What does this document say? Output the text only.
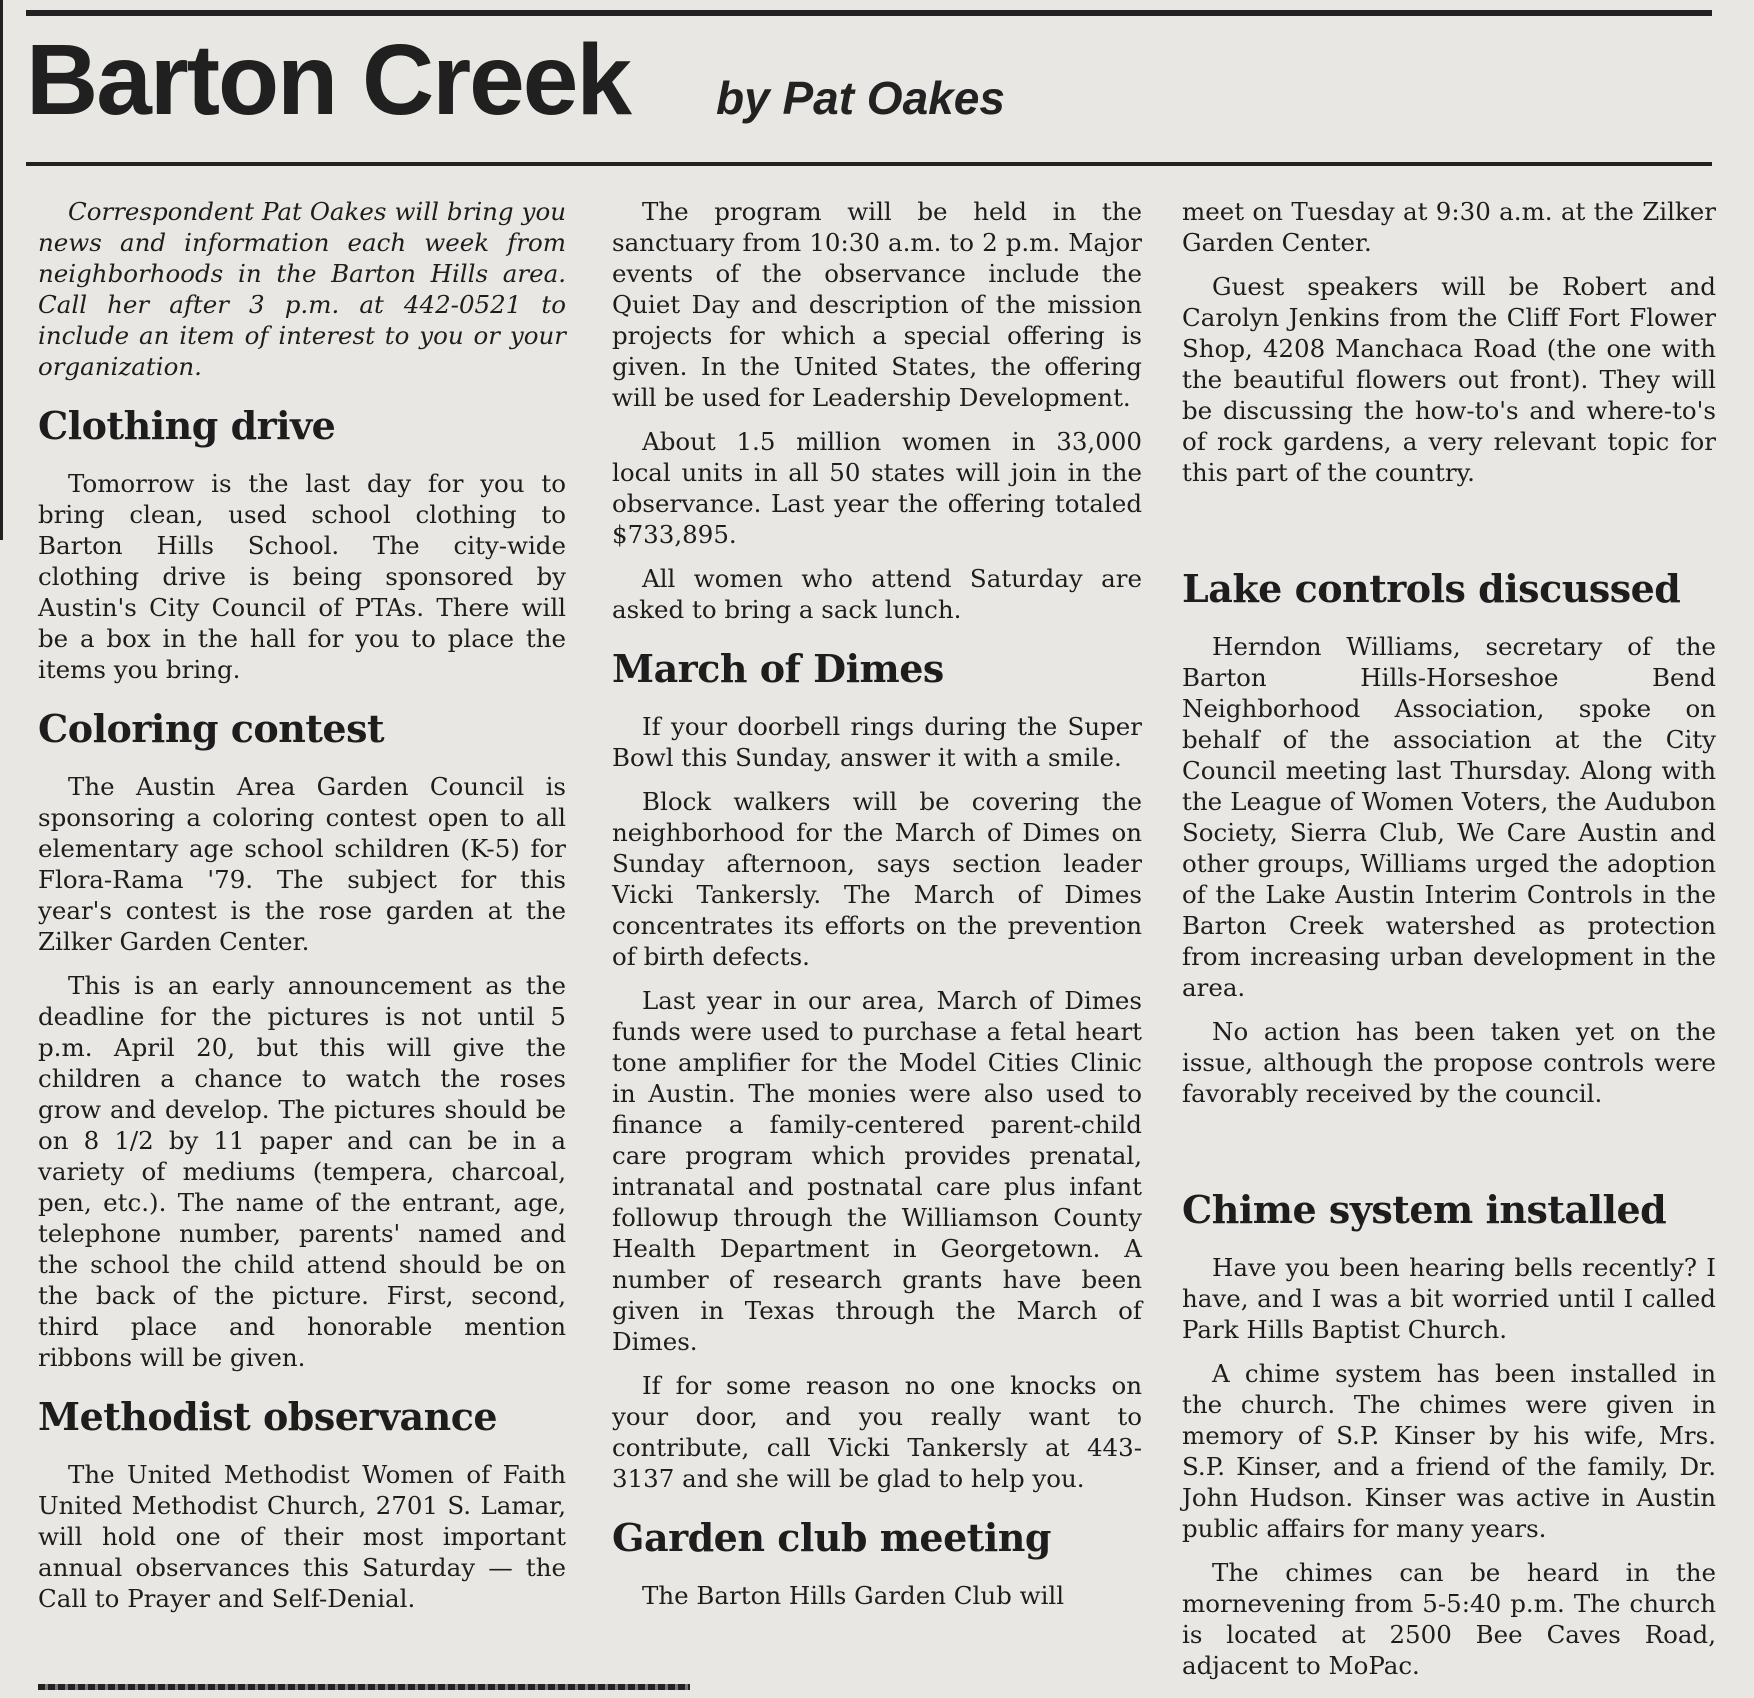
Barton Creek by Pat Oakes

Correspondent Pat Oakes will bring you news and information each week from neighborhoods in the Barton Hills area. Call her after 3 p.m. at 442-0521 to include an item of interest to you or your organization.

Clothing drive

Tomorrow is the last day for you to bring clean, used school clothing to Barton Hills School. The city-wide clothing drive is being sponsored by Austin's City Council of PTAs. There will be a box in the hall for you to place the items you bring.

Coloring contest

The Austin Area Garden Council is sponsoring a coloring contest open to all elementary age school schildren (K-5) for Flora-Rama '79. The subject for this year's contest is the rose garden at the Zilker Garden Center.

This is an early announcement as the deadline for the pictures is not until 5 p.m. April 20, but this will give the children a chance to watch the roses grow and develop. The pictures should be on 8 1/2 by 11 paper and can be in a variety of mediums (tempera, charcoal, pen, etc.). The name of the entrant, age, telephone number, parents' named and the school the child attend should be on the back of the picture. First, second, third place and honorable mention ribbons will be given.

Methodist observance

The United Methodist Women of Faith United Methodist Church, 2701 S. Lamar, will hold one of their most important annual observances this Saturday — the Call to Prayer and Self-Denial.

The program will be held in the sanctuary from 10:30 a.m. to 2 p.m. Major events of the observance include the Quiet Day and description of the mission projects for which a special offering is given. In the United States, the offering will be used for Leadership Development.

About 1.5 million women in 33,000 local units in all 50 states will join in the observance. Last year the offering totaled $733,895.

All women who attend Saturday are asked to bring a sack lunch.

March of Dimes

If your doorbell rings during the Super Bowl this Sunday, answer it with a smile.

Block walkers will be covering the neighborhood for the March of Dimes on Sunday afternoon, says section leader Vicki Tankersly. The March of Dimes concentrates its efforts on the prevention of birth defects.

Last year in our area, March of Dimes funds were used to purchase a fetal heart tone amplifier for the Model Cities Clinic in Austin. The monies were also used to finance a family-centered parent-child care program which provides prenatal, intranatal and postnatal care plus infant followup through the Williamson County Health Department in Georgetown. A number of research grants have been given in Texas through the March of Dimes.

If for some reason no one knocks on your door, and you really want to contribute, call Vicki Tankersly at 443-3137 and she will be glad to help you.

Garden club meeting

The Barton Hills Garden Club will

meet on Tuesday at 9:30 a.m. at the Zilker Garden Center.

Guest speakers will be Robert and Carolyn Jenkins from the Cliff Fort Flower Shop, 4208 Manchaca Road (the one with the beautiful flowers out front). They will be discussing the how-to's and where-to's of rock gardens, a very relevant topic for this part of the country.

Lake controls discussed

Herndon Williams, secretary of the Barton Hills-Horseshoe Bend Neighborhood Association, spoke on behalf of the association at the City Council meeting last Thursday. Along with the League of Women Voters, the Audubon Society, Sierra Club, We Care Austin and other groups, Williams urged the adoption of the Lake Austin Interim Controls in the Barton Creek watershed as protection from increasing urban development in the area.

No action has been taken yet on the issue, although the propose controls were favorably received by the council.

Chime system installed

Have you been hearing bells recently? I have, and I was a bit worried until I called Park Hills Baptist Church.

A chime system has been installed in the church. The chimes were given in memory of S.P. Kinser by his wife, Mrs. S.P. Kinser, and a friend of the family, Dr. John Hudson. Kinser was active in Austin public affairs for many years.

The chimes can be heard in the mornevening from 5-5:40 p.m. The church is located at 2500 Bee Caves Road, adjacent to MoPac.
